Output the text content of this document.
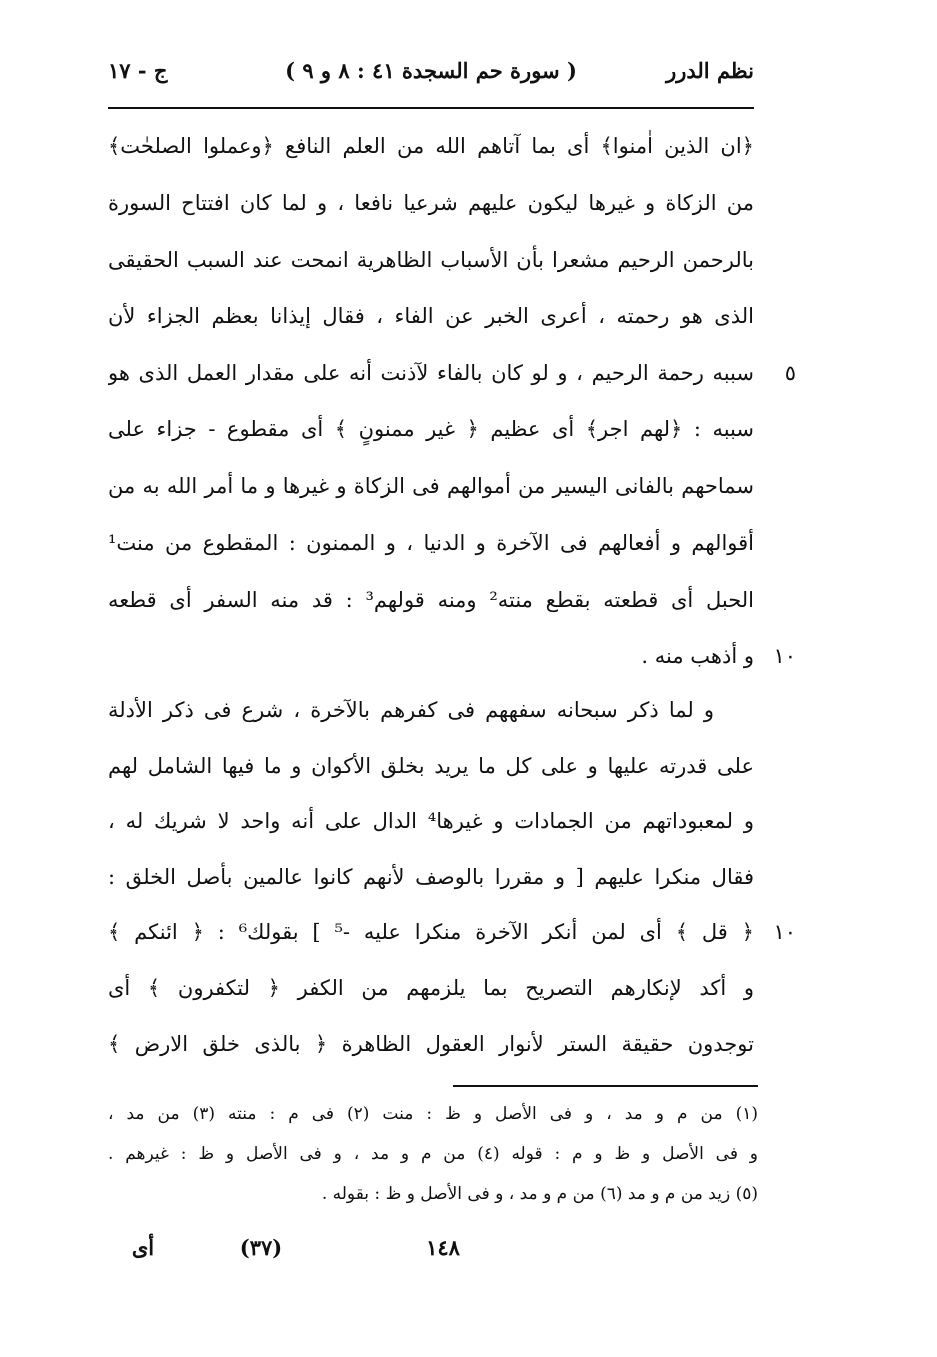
نظم الدرر
( سورة حم السجدة ٤١ : ٨ و ٩ )
ج - ١٧
﴿ان الذين اٰمنوا﴾ أى بما آتاهم الله من العلم النافع ﴿وعملوا الصلحٰت﴾
من الزكاة و غيرها ليكون عليهم شرعيا نافعا ، و لما كان افتتاح السورة
بالرحمن الرحيم مشعرا بأن الأسباب الظاهرية انمحت عند السبب الحقيقى
الذى هو رحمته ، أعرى الخبر عن الفاء ، فقال إيذانا بعظم الجزاء لأن
سببه رحمة الرحيم ، و لو كان بالفاء لآذنت أنه على مقدار العمل الذى هو
سببه : ﴿لهم اجر﴾ أى عظيم ﴿ غير ممنونٍ ﴾ أى مقطوع - جزاء على
سماحهم بالفانى اليسير من أموالهم فى الزكاة و غيرها و ما أمر الله به من
أقوالهم و أفعالهم فى الآخرة و الدنيا ، و الممنون : المقطوع من منت¹
الحبل أى قطعته بقطع منته² ومنه قولهم³ : قد منه السفر أى قطعه
و أذهب منه .
و لما ذكر سبحانه سفههم فى كفرهم بالآخرة ، شرع فى ذكر الأدلة
على قدرته عليها و على كل ما يريد بخلق الأكوان و ما فيها الشامل لهم
و لمعبوداتهم من الجمادات و غيرها⁴ الدال على أنه واحد لا شريك له ،
فقال منكرا عليهم [ و مقررا بالوصف لأنهم كانوا عالمين بأصل الخلق :
﴿ قل ﴾ أى لمن أنكر الآخرة منكرا عليه -⁵ ] بقولك⁶ : ﴿ ائنكم ﴾
و أكد لإنكارهم التصريح بما يلزمهم من الكفر ﴿ لتكفرون ﴾ أى
توجدون حقيقة الستر لأنوار العقول الظاهرة ﴿ بالذى خلق الارض ﴾
٥
١٠
١٠
(١) من م و مد ، و فى الأصل و ظ : منت (٢) فى م : منته (٣) من مد ،
و فى الأصل و ظ و م : قوله (٤) من م و مد ، و فى الأصل و ظ : غيرهم .
(٥) زيد من م و مد (٦) من م و مد ، و فى الأصل و ظ : بقوله .
١٤٨
(٣٧)
أى
